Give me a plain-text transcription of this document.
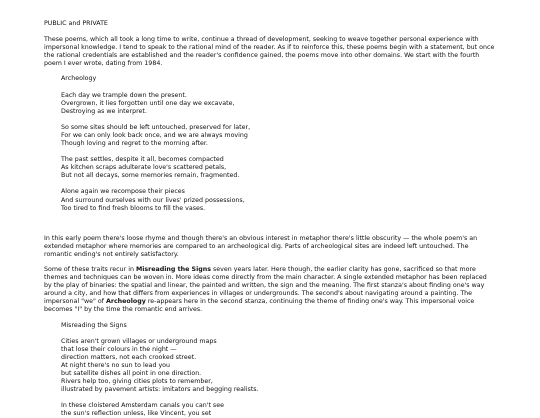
PUBLIC and PRIVATE

These poems, which all took a long time to write, continue a thread of development, seeking to weave together personal experience with impersonal knowledge. I tend to speak to the rational mind of the reader. As if to reinforce this, these poems begin with a statement, but once the rational credentials are established and the reader's confidence gained, the poems move into other domains. We start with the fourth poem I ever wrote, dating from 1984.

Archeology
Each day we trample down the present.
Overgrown, it lies forgotten until one day we excavate,
Destroying as we interpret.
So some sites should be left untouched, preserved for later,
For we can only look back once, and we are always moving
Though loving and regret to the morning after.
The past settles, despite it all, becomes compacted
As kitchen scraps adulterate love's scattered petals,
But not all decays, some memories remain, fragmented.
Alone again we recompose their pieces
And surround ourselves with our lives' prized possessions,
Too tired to find fresh blooms to fill the vases.

In this early poem there's loose rhyme and though there's an obvious interest in metaphor there's little obscurity — the whole poem's an extended metaphor where memories are compared to an archeological dig. Parts of archeological sites are indeed left untouched. The romantic ending's not entirely satisfactory.

Some of these traits recur in Misreading the Signs seven years later. Here though, the earlier clarity has gone, sacrificed so that more themes and techniques can be woven in. More ideas come directly from the main character. A single extended metaphor has been replaced by the play of binaries: the spatial and linear, the painted and written, the sign and the meaning. The first stanza's about finding one's way around a city, and how that differs from experiences in villages or undergrounds. The second's about navigating around a painting. The impersonal "we" of Archeology re-appears here in the second stanza, continuing the theme of finding one's way. This impersonal voice becomes "I" by the time the romantic end arrives.

Misreading the Signs
Cities aren't grown villages or underground maps
that lose their colours in the night —
direction matters, not each crooked street.
At night there's no sun to lead you
but satellite dishes all point in one direction.
Rivers help too, giving cities plots to remember,
illustrated by pavement artists: imitators and begging realists.
In these cloistered Amsterdam canals you can't see
the sun's reflection unless, like Vincent, you set
